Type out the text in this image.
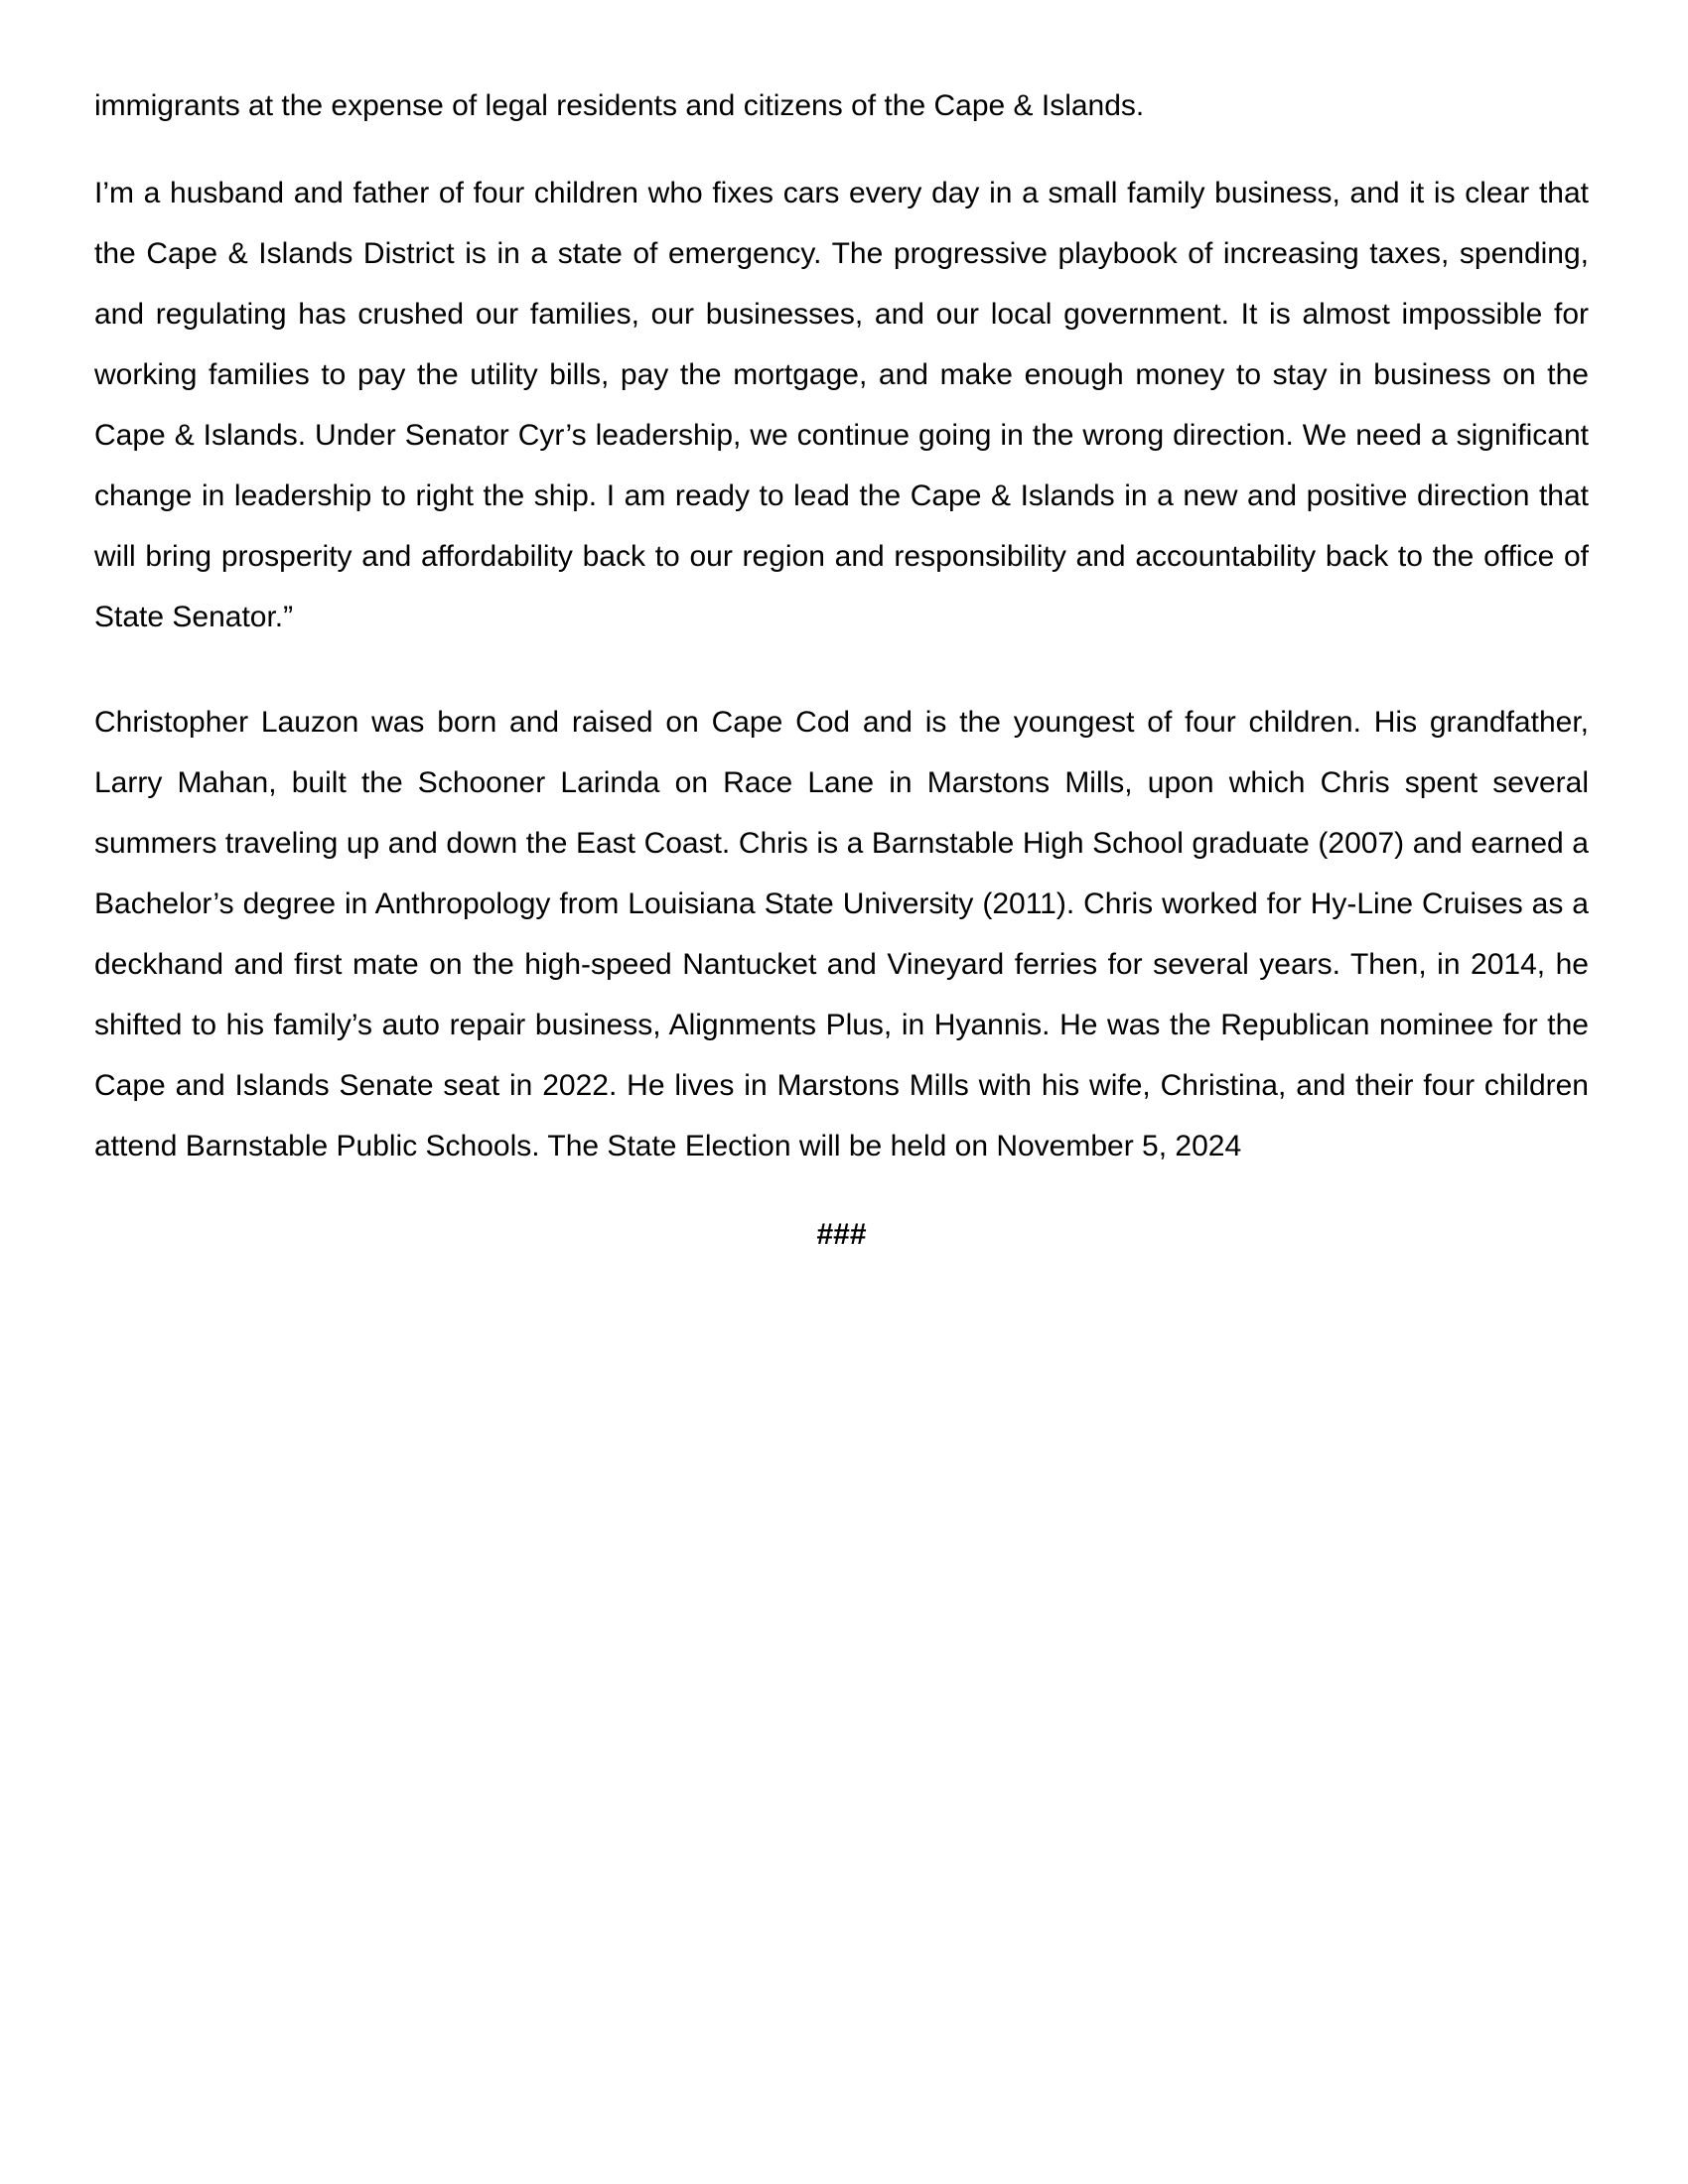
immigrants at the expense of legal residents and citizens of the Cape & Islands.
I’m a husband and father of four children who fixes cars every day in a small family business, and it is clear that
the Cape & Islands District is in a state of emergency. The progressive playbook of increasing taxes, spending,
and regulating has crushed our families, our businesses, and our local government. It is almost impossible for
working families to pay the utility bills, pay the mortgage, and make enough money to stay in business on the
Cape & Islands. Under Senator Cyr’s leadership, we continue going in the wrong direction. We need a significant
change in leadership to right the ship. I am ready to lead the Cape & Islands in a new and positive direction that
will bring prosperity and affordability back to our region and responsibility and accountability back to the office of
State Senator.”
Christopher Lauzon was born and raised on Cape Cod and is the youngest of four children. His grandfather,
Larry Mahan, built the Schooner Larinda on Race Lane in Marstons Mills, upon which Chris spent several
summers traveling up and down the East Coast. Chris is a Barnstable High School graduate (2007) and earned a
Bachelor’s degree in Anthropology from Louisiana State University (2011). Chris worked for Hy-Line Cruises as a
deckhand and first mate on the high-speed Nantucket and Vineyard ferries for several years. Then, in 2014, he
shifted to his family’s auto repair business, Alignments Plus, in Hyannis. He was the Republican nominee for the
Cape and Islands Senate seat in 2022. He lives in Marstons Mills with his wife, Christina, and their four children
attend Barnstable Public Schools. The State Election will be held on November 5, 2024
###
